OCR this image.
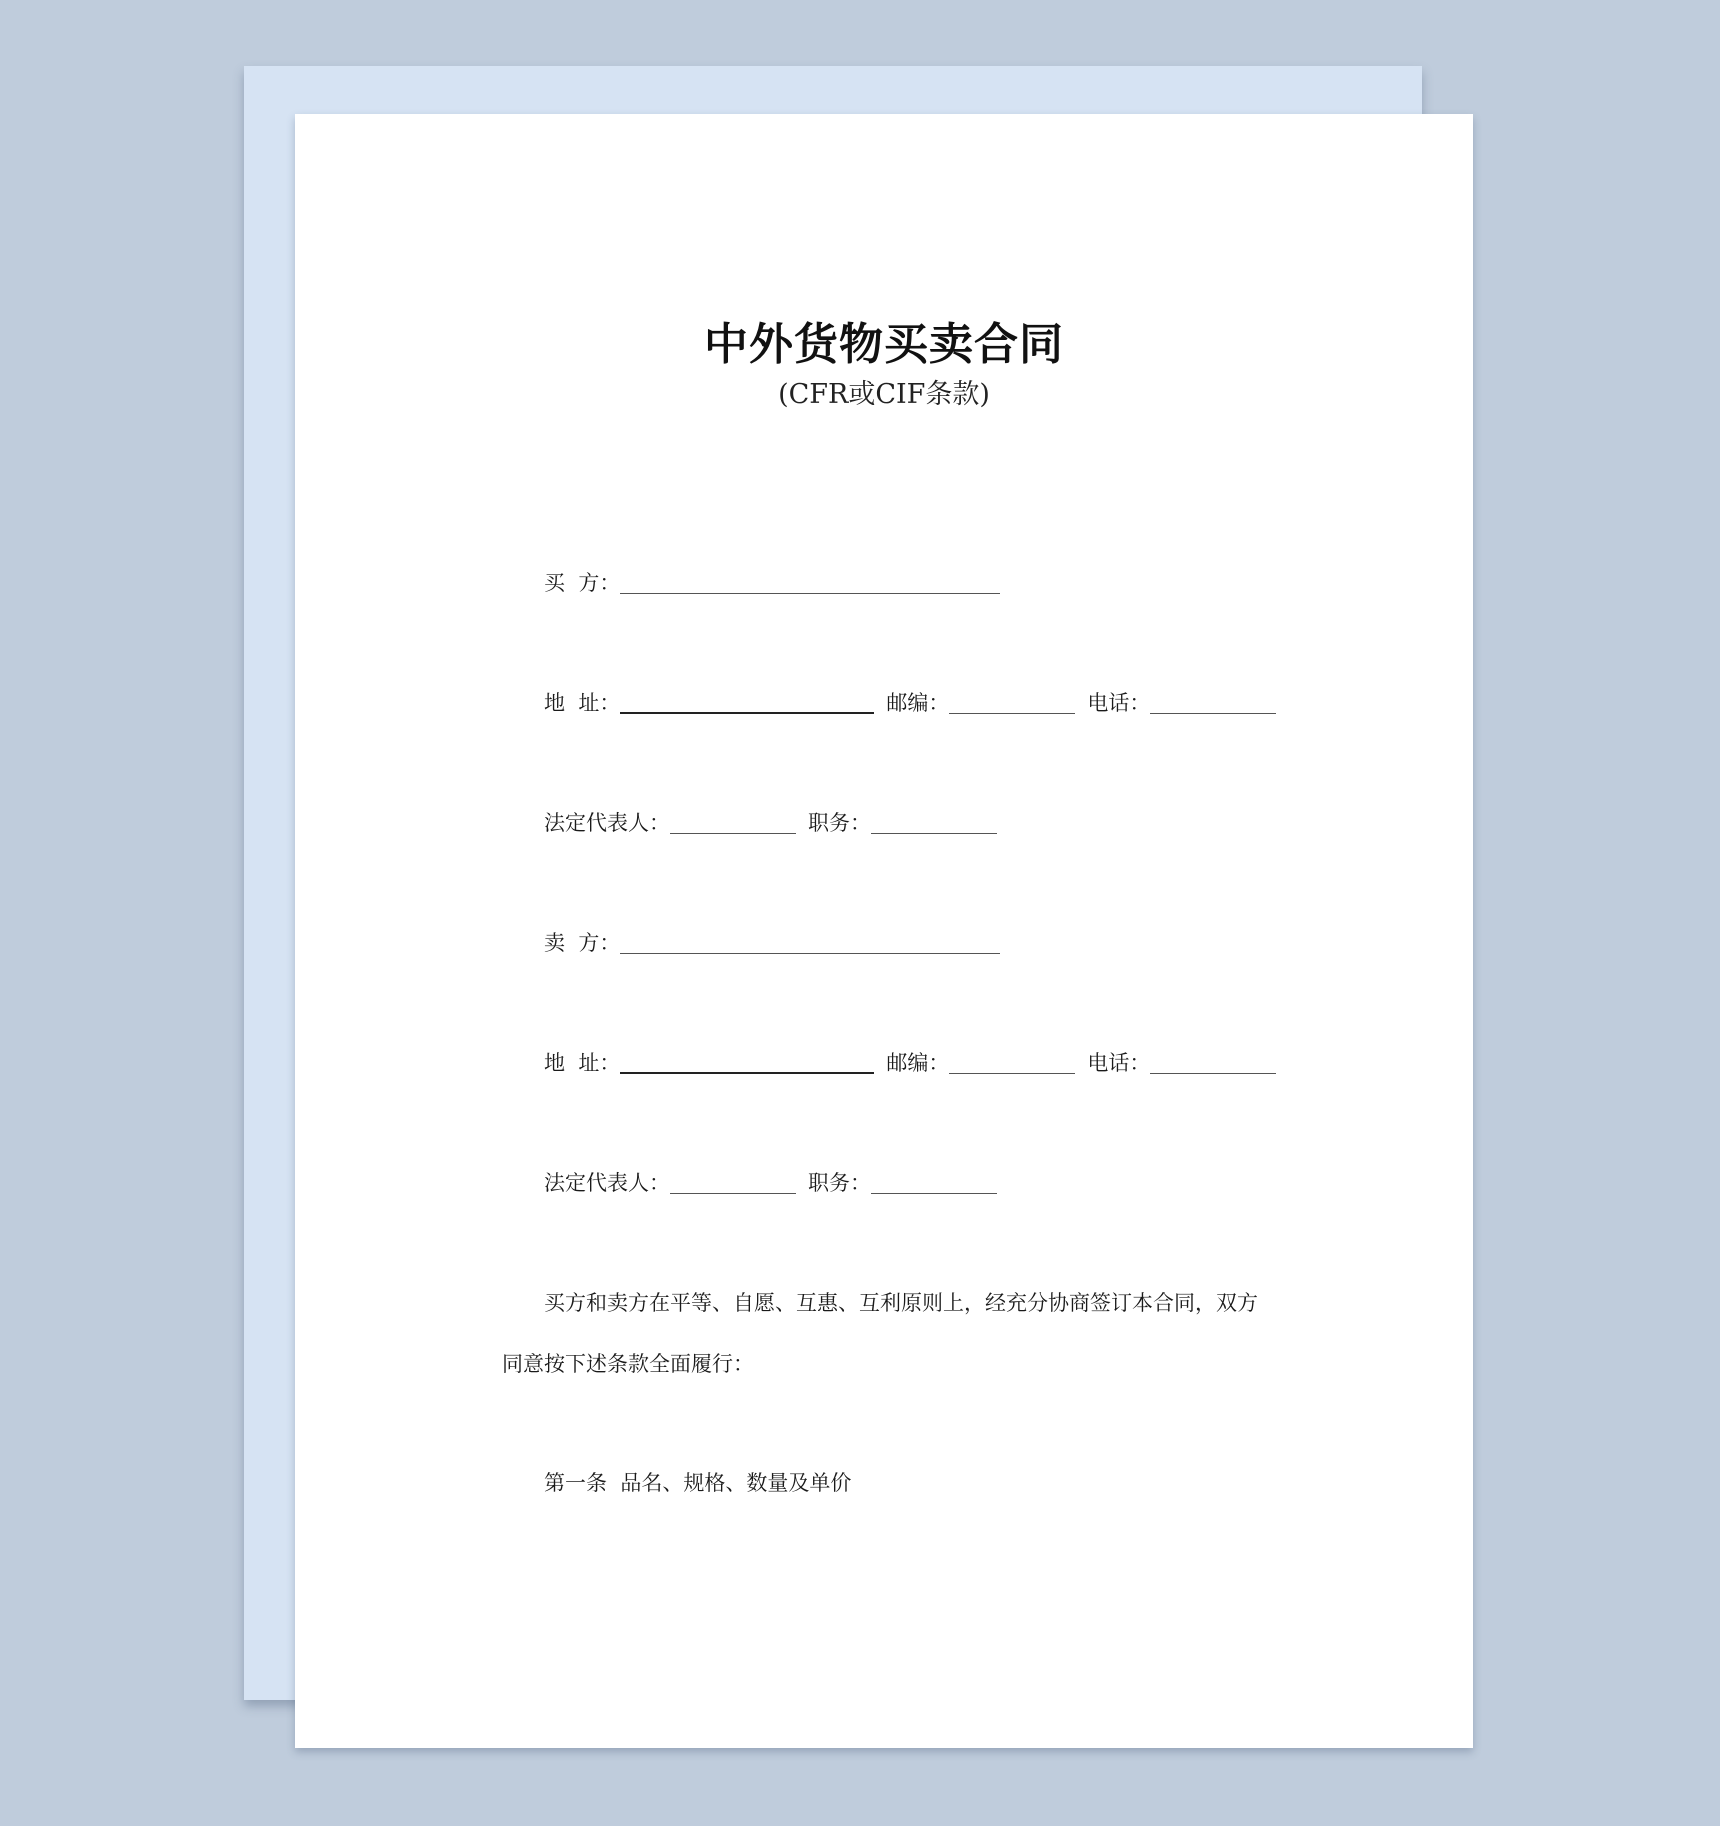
中外货物买卖合同
(CFR或CIF条款)
买  方：
地  址：	邮编：	电话：
法定代表人：	职务：
卖  方：
地  址：	邮编：	电话：
法定代表人：	职务：
买方和卖方在平等、自愿、互惠、互利原则上，经充分协商签订本合同，双方
同意按下述条款全面履行：
第一条  品名、规格、数量及单价
